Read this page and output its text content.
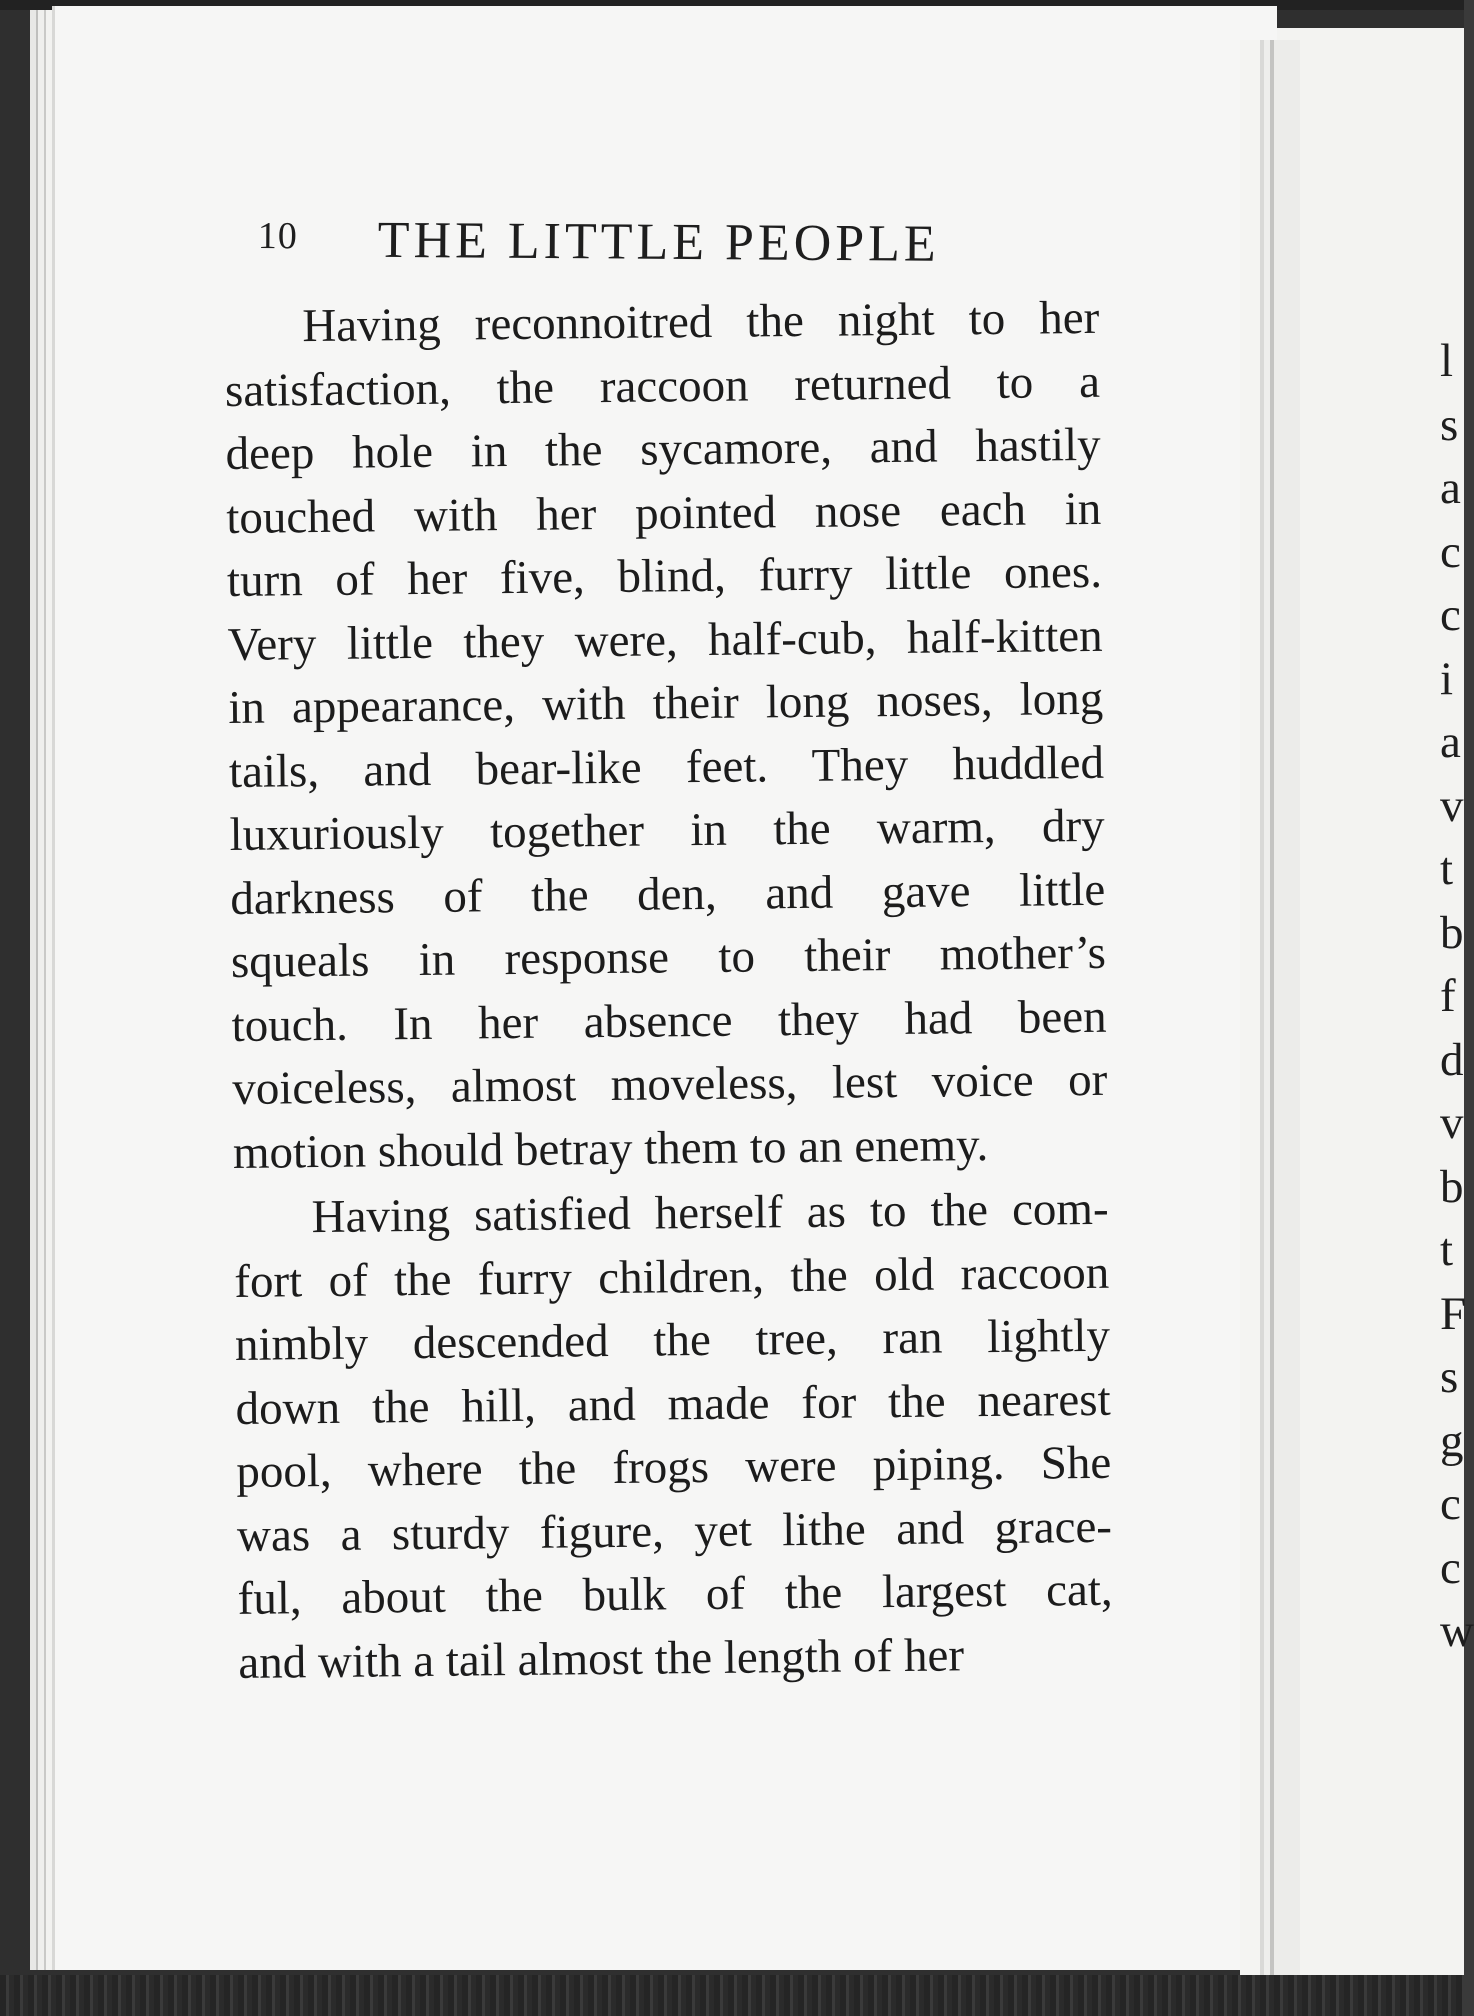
10 THE LITTLE PEOPLE
Having reconnoitred the night to her
satisfaction, the raccoon returned to a
deep hole in the sycamore, and hastily
touched with her pointed nose each in
turn of her five, blind, furry little ones.
Very little they were, half-cub, half-kitten
in appearance, with their long noses, long
tails, and bear-like feet. They huddled
luxuriously together in the warm, dry
darkness of the den, and gave little
squeals in response to their mother’s
touch. In her absence they had been
voiceless, almost moveless, lest voice or
motion should betray them to an enemy.
Having satisfied herself as to the com-
fort of the furry children, the old raccoon
nimbly descended the tree, ran lightly
down the hill, and made for the nearest
pool, where the frogs were piping. She
was a sturdy figure, yet lithe and grace-
ful, about the bulk of the largest cat,
and with a tail almost the length of her
l
s
a
c
c
i
a
v
t
b
f
d
v
b
t
F
s
g
c
c
w
